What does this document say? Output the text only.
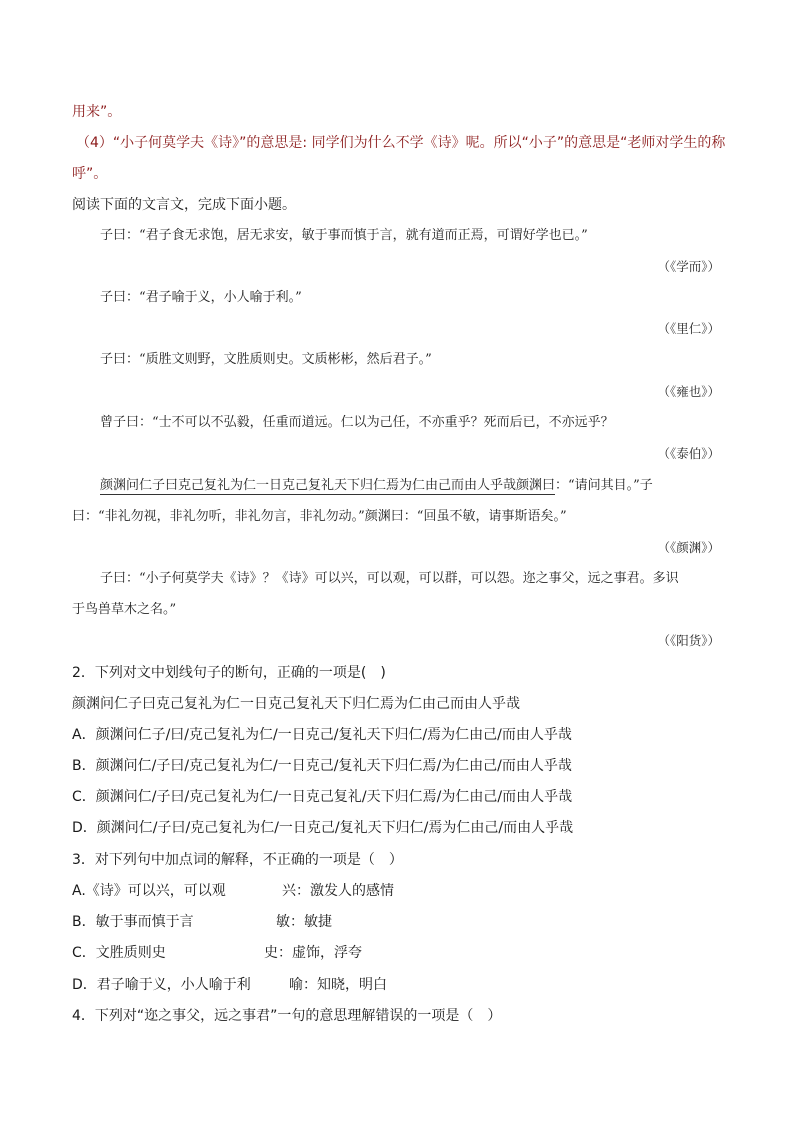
用来”。
（4）“小子何莫学夫《诗》”的意思是: 同学们为什么不学《诗》呢。所以“小子”的意思是“老师对学生的称
呼”。
阅读下面的文言文，完成下面小题。
子曰：“君子食无求饱，居无求安，敏于事而慎于言，就有道而正焉，可谓好学也已。”
（《学而》）
子曰：“君子喻于义，小人喻于利。”
（《里仁》）
子曰：“质胜文则野，文胜质则史。文质彬彬，然后君子。”
（《雍也》）
曾子曰：“士不可以不弘毅，任重而道远。仁以为己任，不亦重乎？死而后已，不亦远乎？
（《泰伯》）
颜渊问仁子曰克己复礼为仁一日克己复礼天下归仁焉为仁由己而由人乎哉颜渊曰：“请问其目。”子
曰：“非礼勿视，非礼勿听，非礼勿言，非礼勿动。”颜渊曰：“回虽不敏，请事斯语矣。”
（《颜渊》）
子曰：“小子何莫学夫《诗》？《诗》可以兴，可以观，可以群，可以怨。迩之事父，远之事君。多识
于鸟兽草木之名。”
（《阳货》）
2．下列对文中划线句子的断句，正确的一项是(　)
颜渊问仁子曰克己复礼为仁一日克己复礼天下归仁焉为仁由己而由人乎哉
A．颜渊问仁子/曰/克己复礼为仁/一日克己/复礼天下归仁/焉为仁由己/而由人乎哉
B．颜渊问仁/子曰/克己复礼为仁/一日克己/复礼天下归仁焉/为仁由己/而由人乎哉
C．颜渊问仁/子曰/克己复礼为仁/一日克己复礼/天下归仁焉/为仁由己/而由人乎哉
D．颜渊问仁/子曰/克己复礼为仁/一日克己/复礼天下归仁/焉为仁由己/而由人乎哉
3．对下列句中加点词的解释，不正确的一项是（　）
A.《诗》可以兴，可以观	兴：激发人的感情
B．敏于事而慎于言	敏：敏捷
C．文胜质则史	史：虚饰，浮夸
D．君子喻于义，小人喻于利	喻：知晓，明白
4．下列对“迩之事父，远之事君”一句的意思理解错误的一项是（　）
